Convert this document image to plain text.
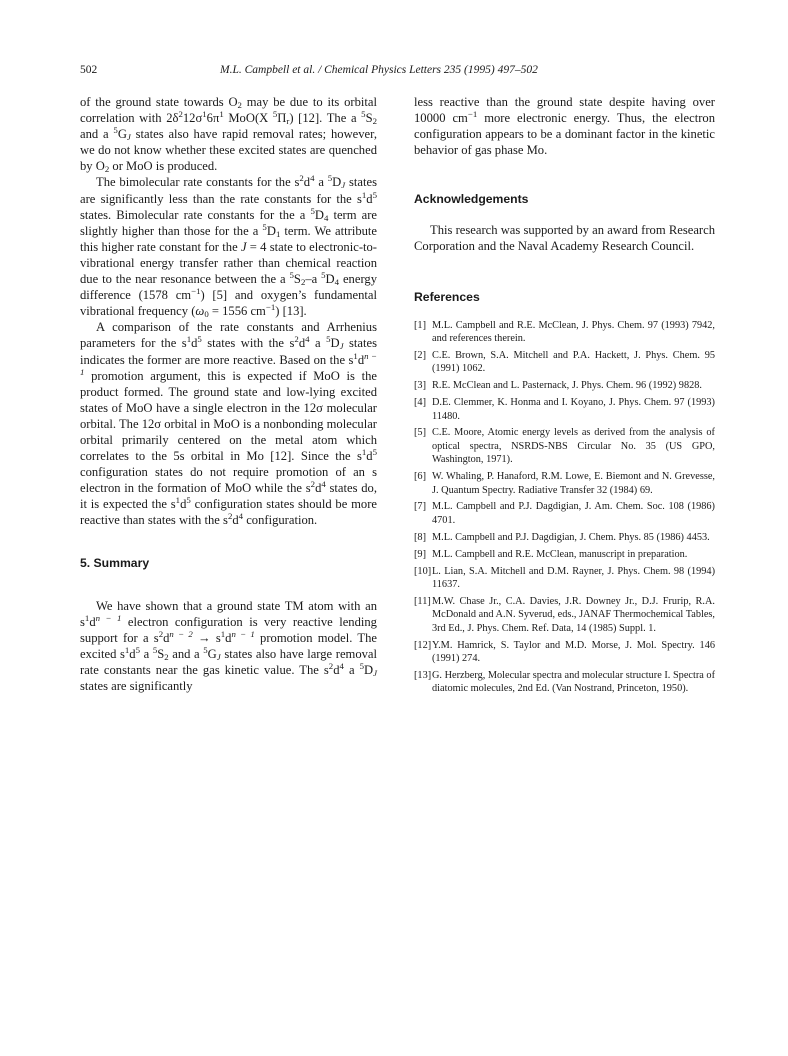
502	M.L. Campbell et al. / Chemical Physics Letters 235 (1995) 497–502

of the ground state towards $O_2$ may be due to its orbital correlation with $2\delta^212\sigma^16\pi^1$ MoO(X $^5\Pi_r$) [12]. The a $^5S_2$ and a $^5G_J$ states also have rapid removal rates; however, we do not know whether these excited states are quenched by $O_2$ or MoO is produced.

The bimolecular rate constants for the $s^2d^4$ a $^5D_J$ states are significantly less than the rate constants for the $s^1d^5$ states. Bimolecular rate constants for the a $^5D_4$ term are slightly higher than those for the a $^5D_1$ term. We attribute this higher rate constant for the J = 4 state to electronic-to-vibrational energy transfer rather than chemical reaction due to the near resonance between the a $^5S_2-a$ $^5D_4$ energy difference (1578 $cm^{-1}$) [5] and oxygen’s fundamental vibrational frequency ($\omega_0 = 1556$ $cm^{-1}$) [13].

A comparison of the rate constants and Arrhenius parameters for the $s^1d^5$ states with the $s^2d^4$ a $^5D_J$ states indicates the former are more reactive. Based on the $s^1d^{n - 1}$ promotion argument, this is expected if MoO is the product formed. The ground state and low-lying excited states of MoO have a single electron in the 12σ molecular orbital. The 12σ orbital in MoO is a nonbonding molecular orbital primarily centered on the metal atom which correlates to the 5s orbital in Mo [12]. Since the $s^1d^5$ configuration states do not require promotion of an s electron in the formation of MoO while the $s^2d^4$ states do, it is expected the $s^1d^5$ configuration states should be more reactive than states with the $s^2d^4$ configuration.

5. Summary

We have shown that a ground state TM atom with an $s^1d^{n - 1}$ electron configuration is very reactive lending support for a $s^2d^{n - 2} \to s^1d^{n - 1}$ promotion model. The excited $s^1d^5$ a $^5S_2$ and a $^5G_J$ states also have large removal rate constants near the gas kinetic value. The $s^2d^4$ a $^5D_J$ states are significantly

less reactive than the ground state despite having over 10000 $cm^{-1}$ more electronic energy. Thus, the electron configuration appears to be a dominant factor in the kinetic behavior of gas phase Mo.

Acknowledgements

This research was supported by an award from Research Corporation and the Naval Academy Research Council.

References
[1] M.L. Campbell and R.E. McClean, J. Phys. Chem. 97 (1993) 7942, and references therein.
[2] C.E. Brown, S.A. Mitchell and P.A. Hackett, J. Phys. Chem. 95 (1991) 1062.
[3] R.E. McClean and L. Pasternack, J. Phys. Chem. 96 (1992) 9828.
[4] D.E. Clemmer, K. Honma and I. Koyano, J. Phys. Chem. 97 (1993) 11480.
[5] C.E. Moore, Atomic energy levels as derived from the analysis of optical spectra, NSRDS-NBS Circular No. 35 (US GPO, Washington, 1971).
[6] W. Whaling, P. Hanaford, R.M. Lowe, E. Biemont and N. Grevesse, J. Quantum Spectry. Radiative Transfer 32 (1984) 69.
[7] M.L. Campbell and P.J. Dagdigian, J. Am. Chem. Soc. 108 (1986) 4701.
[8] M.L. Campbell and P.J. Dagdigian, J. Chem. Phys. 85 (1986) 4453.
[9] M.L. Campbell and R.E. McClean, manuscript in preparation.
[10] L. Lian, S.A. Mitchell and D.M. Rayner, J. Phys. Chem. 98 (1994) 11637.
[11] M.W. Chase Jr., C.A. Davies, J.R. Downey Jr., D.J. Frurip, R.A. McDonald and A.N. Syverud, eds., JANAF Thermochemical Tables, 3rd Ed., J. Phys. Chem. Ref. Data, 14 (1985) Suppl. 1.
[12] Y.M. Hamrick, S. Taylor and M.D. Morse, J. Mol. Spectry. 146 (1991) 274.
[13] G. Herzberg, Molecular spectra and molecular structure I. Spectra of diatomic molecules, 2nd Ed. (Van Nostrand, Princeton, 1950).
